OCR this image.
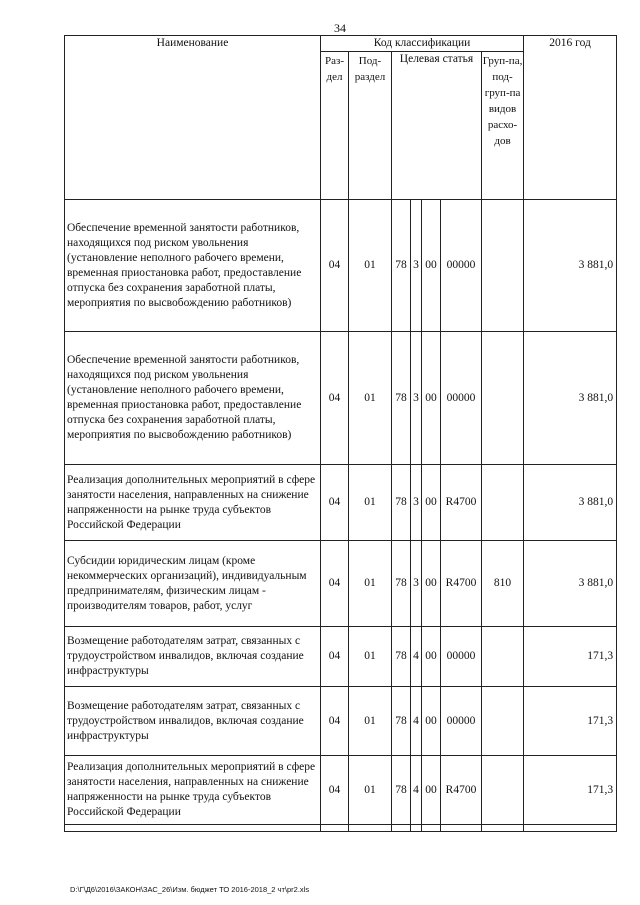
34
Наименование	Код классификации							2016 год
	Раз-дел	Под-раздел	Целевая статья				Груп-па, под-груп-па видов расхо-дов	
Обеспечение временной занятости работников, находящихся под риском увольнения (установление неполного рабочего времени, временная приостановка работ, предоставление отпуска без сохранения заработной платы, мероприятия по высвобождению работников)	04	01	78	3	00	00000		3 881,0
Обеспечение временной занятости работников, находящихся под риском увольнения (установление неполного рабочего времени, временная приостановка работ, предоставление отпуска без сохранения заработной платы, мероприятия по высвобождению работников)	04	01	78	3	00	00000		3 881,0
Реализация дополнительных мероприятий в сфере занятости населения, направленных на снижение напряженности на рынке труда субъектов Российской Федерации	04	01	78	3	00	R4700		3 881,0
Субсидии юридическим лицам (кроме некоммерческих организаций), индивидуальным предпринимателям, физическим лицам - производителям товаров, работ, услуг	04	01	78	3	00	R4700	810	3 881,0
Возмещение работодателям затрат, связанных с трудоустройством инвалидов, включая создание инфраструктуры	04	01	78	4	00	00000		171,3
Возмещение работодателям затрат, связанных с трудоустройством инвалидов, включая создание инфраструктуры	04	01	78	4	00	00000		171,3
Реализация дополнительных мероприятий в сфере занятости населения, направленных на снижение напряженности на рынке труда субъектов Российской Федерации	04	01	78	4	00	R4700		171,3

D:\Г\Д6\2016\ЗАКОН\ЗАС_26\Изм. бюджет ТО 2016-2018_2 чт\pr2.xls
